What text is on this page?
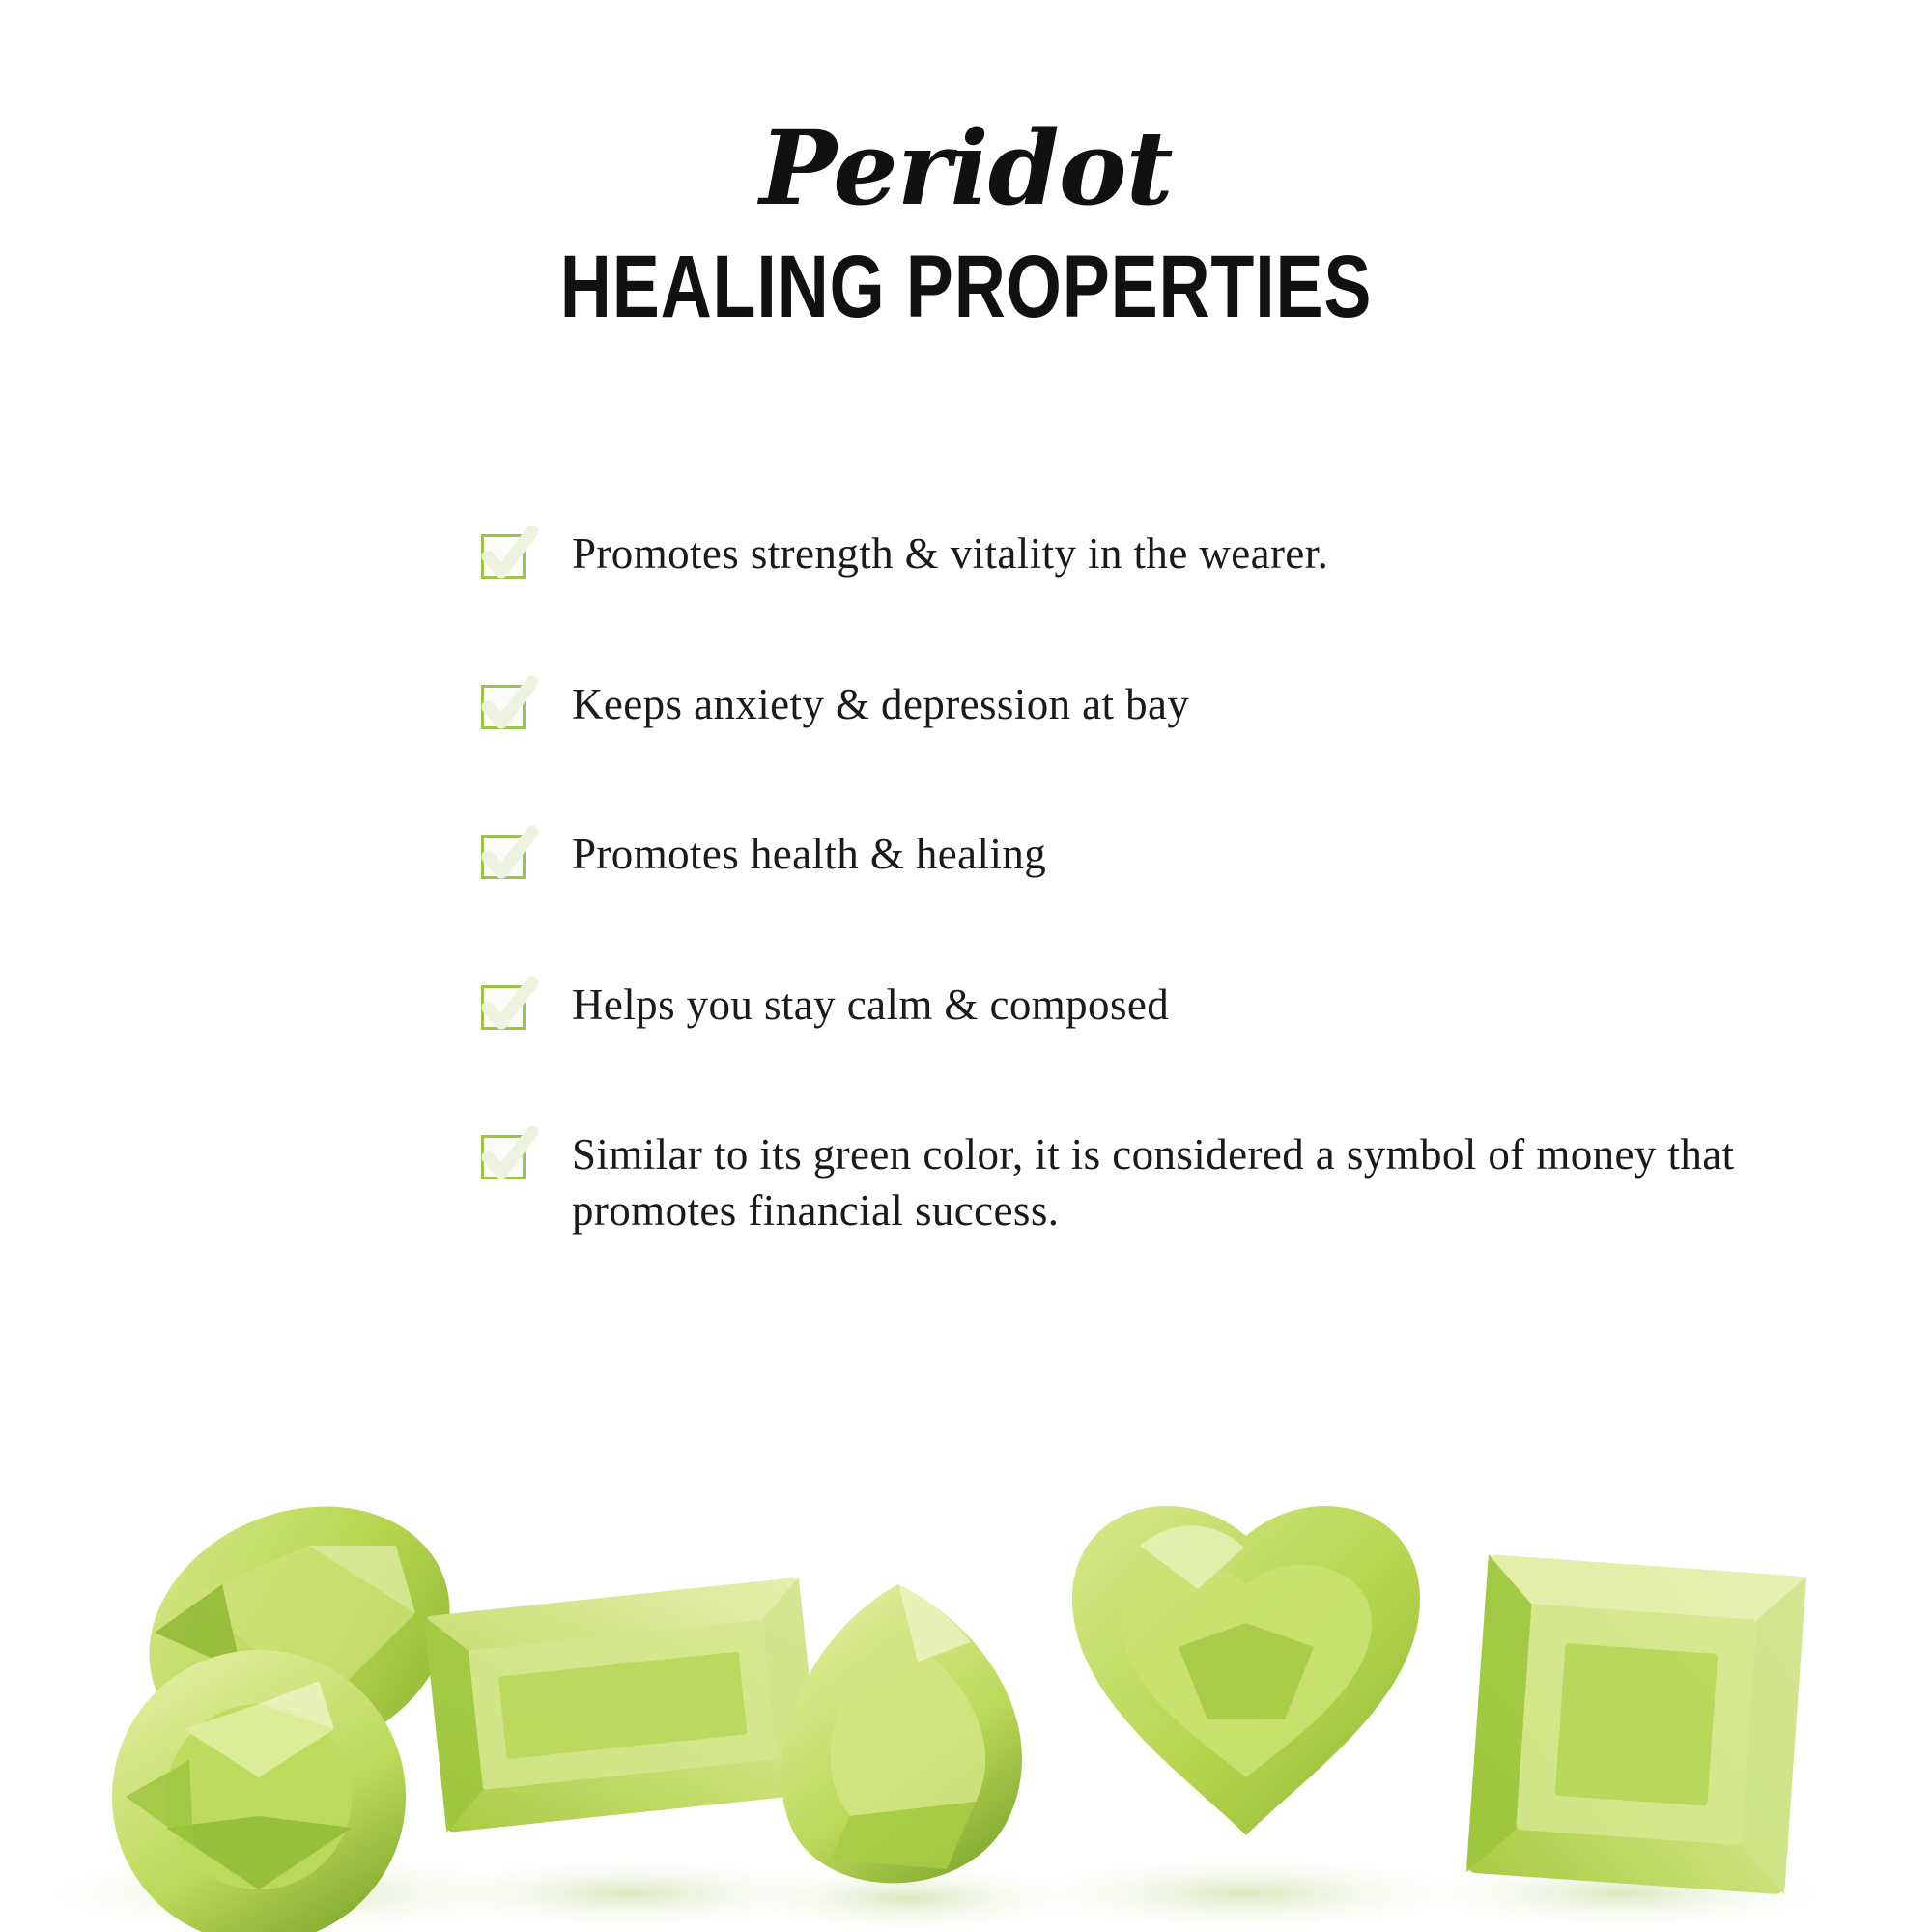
Peridot
HEALING PROPERTIES
Promotes strength & vitality in the wearer.
Keeps anxiety & depression at bay
Promotes health & healing
Helps you stay calm & composed
Similar to its green color, it is considered a symbol of money that promotes financial success.
